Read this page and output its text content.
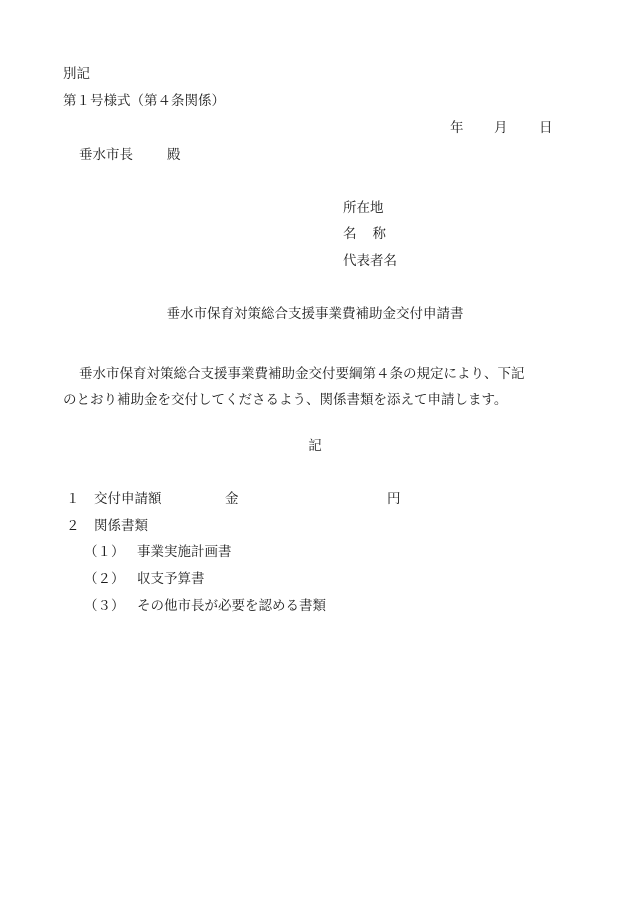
別記
第１号様式（第４条関係）
年 月 日
垂水市長	殿
所在地
名称
代表者名
垂水市保育対策総合支援事業費補助金交付申請書
垂水市保育対策総合支援事業費補助金交付要綱第４条の規定により、下記
のとおり補助金を交付してくださるよう、関係書類を添えて申請します。
記
１ 交付申請額	金	円
２ 関係書類
（１） 事業実施計画書
（２） 収支予算書
（３） その他市長が必要を認める書類
